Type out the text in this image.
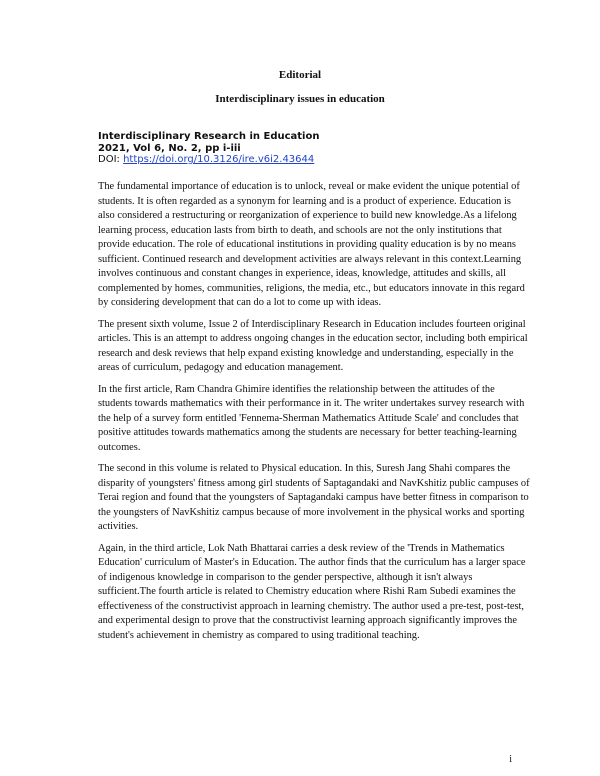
Editorial
Interdisciplinary issues in education
Interdisciplinary Research in Education
2021, Vol 6, No. 2, pp i-iii
DOI: https://doi.org/10.3126/ire.v6i2.43644

The fundamental importance of education is to unlock, reveal or make evident the unique potential of students. It is often regarded as a synonym for learning and is a product of experience. Education is also considered a restructuring or reorganization of experience to build new knowledge.As a lifelong learning process, education lasts from birth to death, and schools are not the only institutions that provide education. The role of educational institutions in providing quality education is by no means sufficient. Continued research and development activities are always relevant in this context.Learning involves continuous and constant changes in experience, ideas, knowledge, attitudes and skills, all complemented by homes, communities, religions, the media, etc., but educators innovate in this regard by considering development that can do a lot to come up with ideas.

The present sixth volume, Issue 2 of Interdisciplinary Research in Education includes fourteen original articles. This is an attempt to address ongoing changes in the education sector, including both empirical research and desk reviews that help expand existing knowledge and understanding, especially in the areas of curriculum, pedagogy and education management.

In the first article, Ram Chandra Ghimire identifies the relationship between the attitudes of the students towards mathematics with their performance in it. The writer undertakes survey research with the help of a survey form entitled 'Fennema-Sherman Mathematics Attitude Scale' and concludes that positive attitudes towards mathematics among the students are necessary for better teaching-learning outcomes.

The second in this volume is related to Physical education. In this, Suresh Jang Shahi compares the disparity of youngsters' fitness among girl students of Saptagandaki and NavKshitiz public campuses of Terai region and found that the youngsters of Saptagandaki campus have better fitness in comparison to the youngsters of NavKshitiz campus because of more involvement in the physical works and sporting activities.

Again, in the third article, Lok Nath Bhattarai carries a desk review of the 'Trends in Mathematics Education' curriculum of Master's in Education. The author finds that the curriculum has a larger space of indigenous knowledge in comparison to the gender perspective, although it isn't always sufficient.The fourth article is related to Chemistry education where Rishi Ram Subedi examines the effectiveness of the constructivist approach in learning chemistry. The author used a pre-test, post-test, and experimental design to prove that the constructivist learning approach significantly improves the student's achievement in chemistry as compared to using traditional teaching.

i
